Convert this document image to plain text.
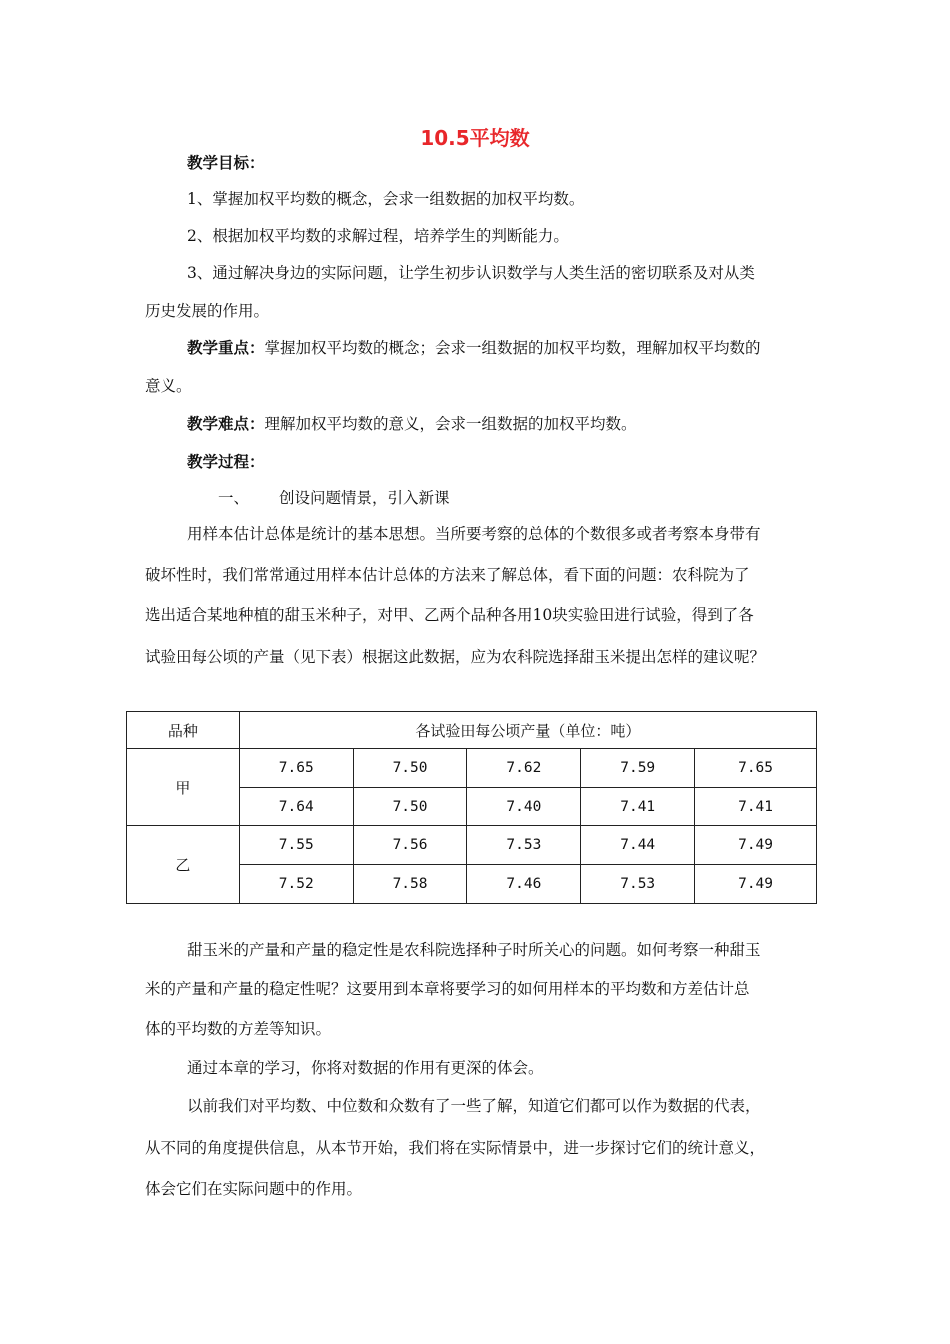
10.5平均数
教学目标：
1、掌握加权平均数的概念，会求一组数据的加权平均数。
2、根据加权平均数的求解过程，培养学生的判断能力。
3、通过解决身边的实际问题，让学生初步认识数学与人类生活的密切联系及对从类
历史发展的作用。
教学重点：掌握加权平均数的概念；会求一组数据的加权平均数，理解加权平均数的
意义。
教学难点：理解加权平均数的意义，会求一组数据的加权平均数。
教学过程：
一、 创设问题情景，引入新课
用样本估计总体是统计的基本思想。当所要考察的总体的个数很多或者考察本身带有
破坏性时，我们常常通过用样本估计总体的方法来了解总体，看下面的问题：农科院为了
选出适合某地种植的甜玉米种子，对甲、乙两个品种各用10块实验田进行试验，得到了各
试验田每公顷的产量（见下表）根据这此数据，应为农科院选择甜玉米提出怎样的建议呢？
品种	各试验田每公顷产量（单位：吨）				
甲	7.65	7.50	7.62	7.59	7.65
	7.64	7.50	7.40	7.41	7.41
乙	7.55	7.56	7.53	7.44	7.49
	7.52	7.58	7.46	7.53	7.49
甜玉米的产量和产量的稳定性是农科院选择种子时所关心的问题。如何考察一种甜玉
米的产量和产量的稳定性呢？这要用到本章将要学习的如何用样本的平均数和方差估计总
体的平均数的方差等知识。
通过本章的学习，你将对数据的作用有更深的体会。
以前我们对平均数、中位数和众数有了一些了解，知道它们都可以作为数据的代表，
从不同的角度提供信息，从本节开始，我们将在实际情景中，进一步探讨它们的统计意义，
体会它们在实际问题中的作用。
